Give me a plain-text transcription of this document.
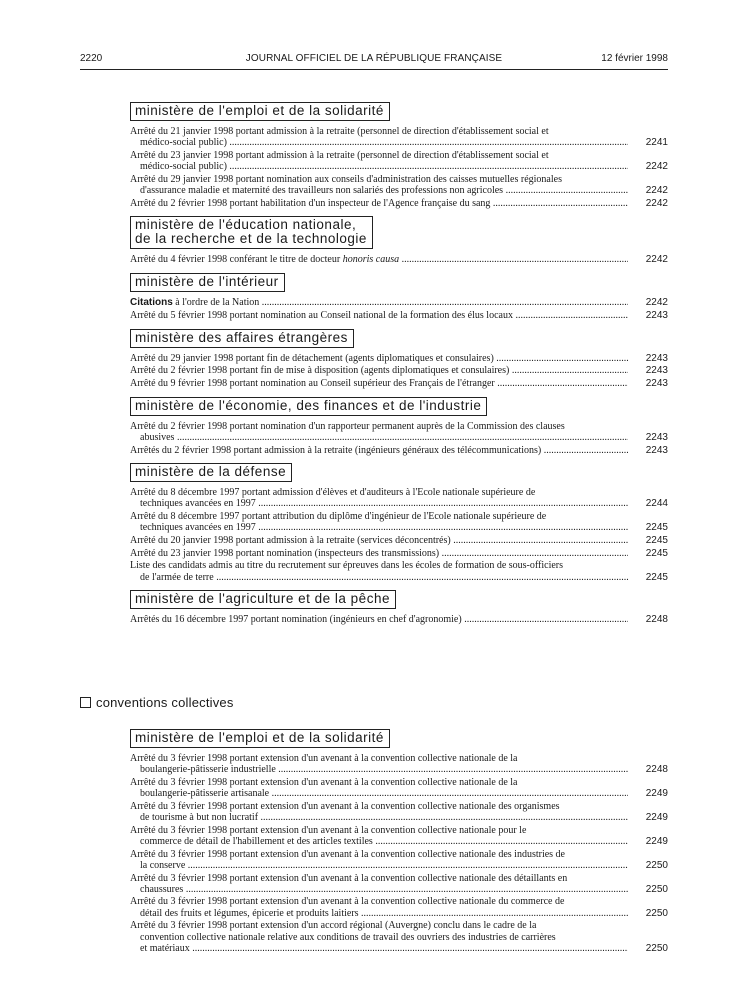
2220	JOURNAL OFFICIEL DE LA RÉPUBLIQUE FRANÇAISE	12 février 1998
ministère de l'emploi et de la solidarité
Arrêté du 21 janvier 1998 portant admission à la retraite (personnel de direction d'établissement social et
médico-social public) .....	2241
Arrêté du 23 janvier 1998 portant admission à la retraite (personnel de direction d'établissement social et
médico-social public) .....	2242
Arrêté du 29 janvier 1998 portant nomination aux conseils d'administration des caisses mutuelles régionales
d'assurance maladie et maternité des travailleurs non salariés des professions non agricoles .....	2242
Arrêté du 2 février 1998 portant habilitation d'un inspecteur de l'Agence française du sang .....	2242
ministère de l'éducation nationale,
de la recherche et de la technologie
Arrêté du 4 février 1998 conférant le titre de docteur honoris causa .....	2242
ministère de l'intérieur
Citations à l'ordre de la Nation .....	2242
Arrêté du 5 février 1998 portant nomination au Conseil national de la formation des élus locaux .....	2243
ministère des affaires étrangères
Arrêté du 29 janvier 1998 portant fin de détachement (agents diplomatiques et consulaires) .....	2243
Arrêté du 2 février 1998 portant fin de mise à disposition (agents diplomatiques et consulaires) .....	2243
Arrêté du 9 février 1998 portant nomination au Conseil supérieur des Français de l'étranger .....	2243
ministère de l'économie, des finances et de l'industrie
Arrêté du 2 février 1998 portant nomination d'un rapporteur permanent auprès de la Commission des clauses
abusives .....	2243
Arrêtés du 2 février 1998 portant admission à la retraite (ingénieurs généraux des télécommunications) .....	2243
ministère de la défense
Arrêté du 8 décembre 1997 portant admission d'élèves et d'auditeurs à l'Ecole nationale supérieure de
techniques avancées en 1997 .....	2244
Arrêté du 8 décembre 1997 portant attribution du diplôme d'ingénieur de l'Ecole nationale supérieure de
techniques avancées en 1997 .....	2245
Arrêté du 20 janvier 1998 portant admission à la retraite (services déconcentrés) .....	2245
Arrêté du 23 janvier 1998 portant nomination (inspecteurs des transmissions) .....	2245
Liste des candidats admis au titre du recrutement sur épreuves dans les écoles de formation de sous-officiers
de l'armée de terre .....	2245
ministère de l'agriculture et de la pêche
Arrêtés du 16 décembre 1997 portant nomination (ingénieurs en chef d'agronomie) .....	2248
conventions collectives
ministère de l'emploi et de la solidarité
Arrêté du 3 février 1998 portant extension d'un avenant à la convention collective nationale de la
boulangerie-pâtisserie industrielle .....	2248
Arrêté du 3 février 1998 portant extension d'un avenant à la convention collective nationale de la
boulangerie-pâtisserie artisanale .....	2249
Arrêté du 3 février 1998 portant extension d'un avenant à la convention collective nationale des organismes
de tourisme à but non lucratif .....	2249
Arrêté du 3 février 1998 portant extension d'un avenant à la convention collective nationale pour le
commerce de détail de l'habillement et des articles textiles .....	2249
Arrêté du 3 février 1998 portant extension d'un avenant à la convention collective nationale des industries de
la conserve .....	2250
Arrêté du 3 février 1998 portant extension d'un avenant à la convention collective nationale des détaillants en
chaussures .....	2250
Arrêté du 3 février 1998 portant extension d'un avenant à la convention collective nationale du commerce de
détail des fruits et légumes, épicerie et produits laitiers .....	2250
Arrêté du 3 février 1998 portant extension d'un accord régional (Auvergne) conclu dans le cadre de la
convention collective nationale relative aux conditions de travail des ouvriers des industries de carrières
et matériaux .....	2250
